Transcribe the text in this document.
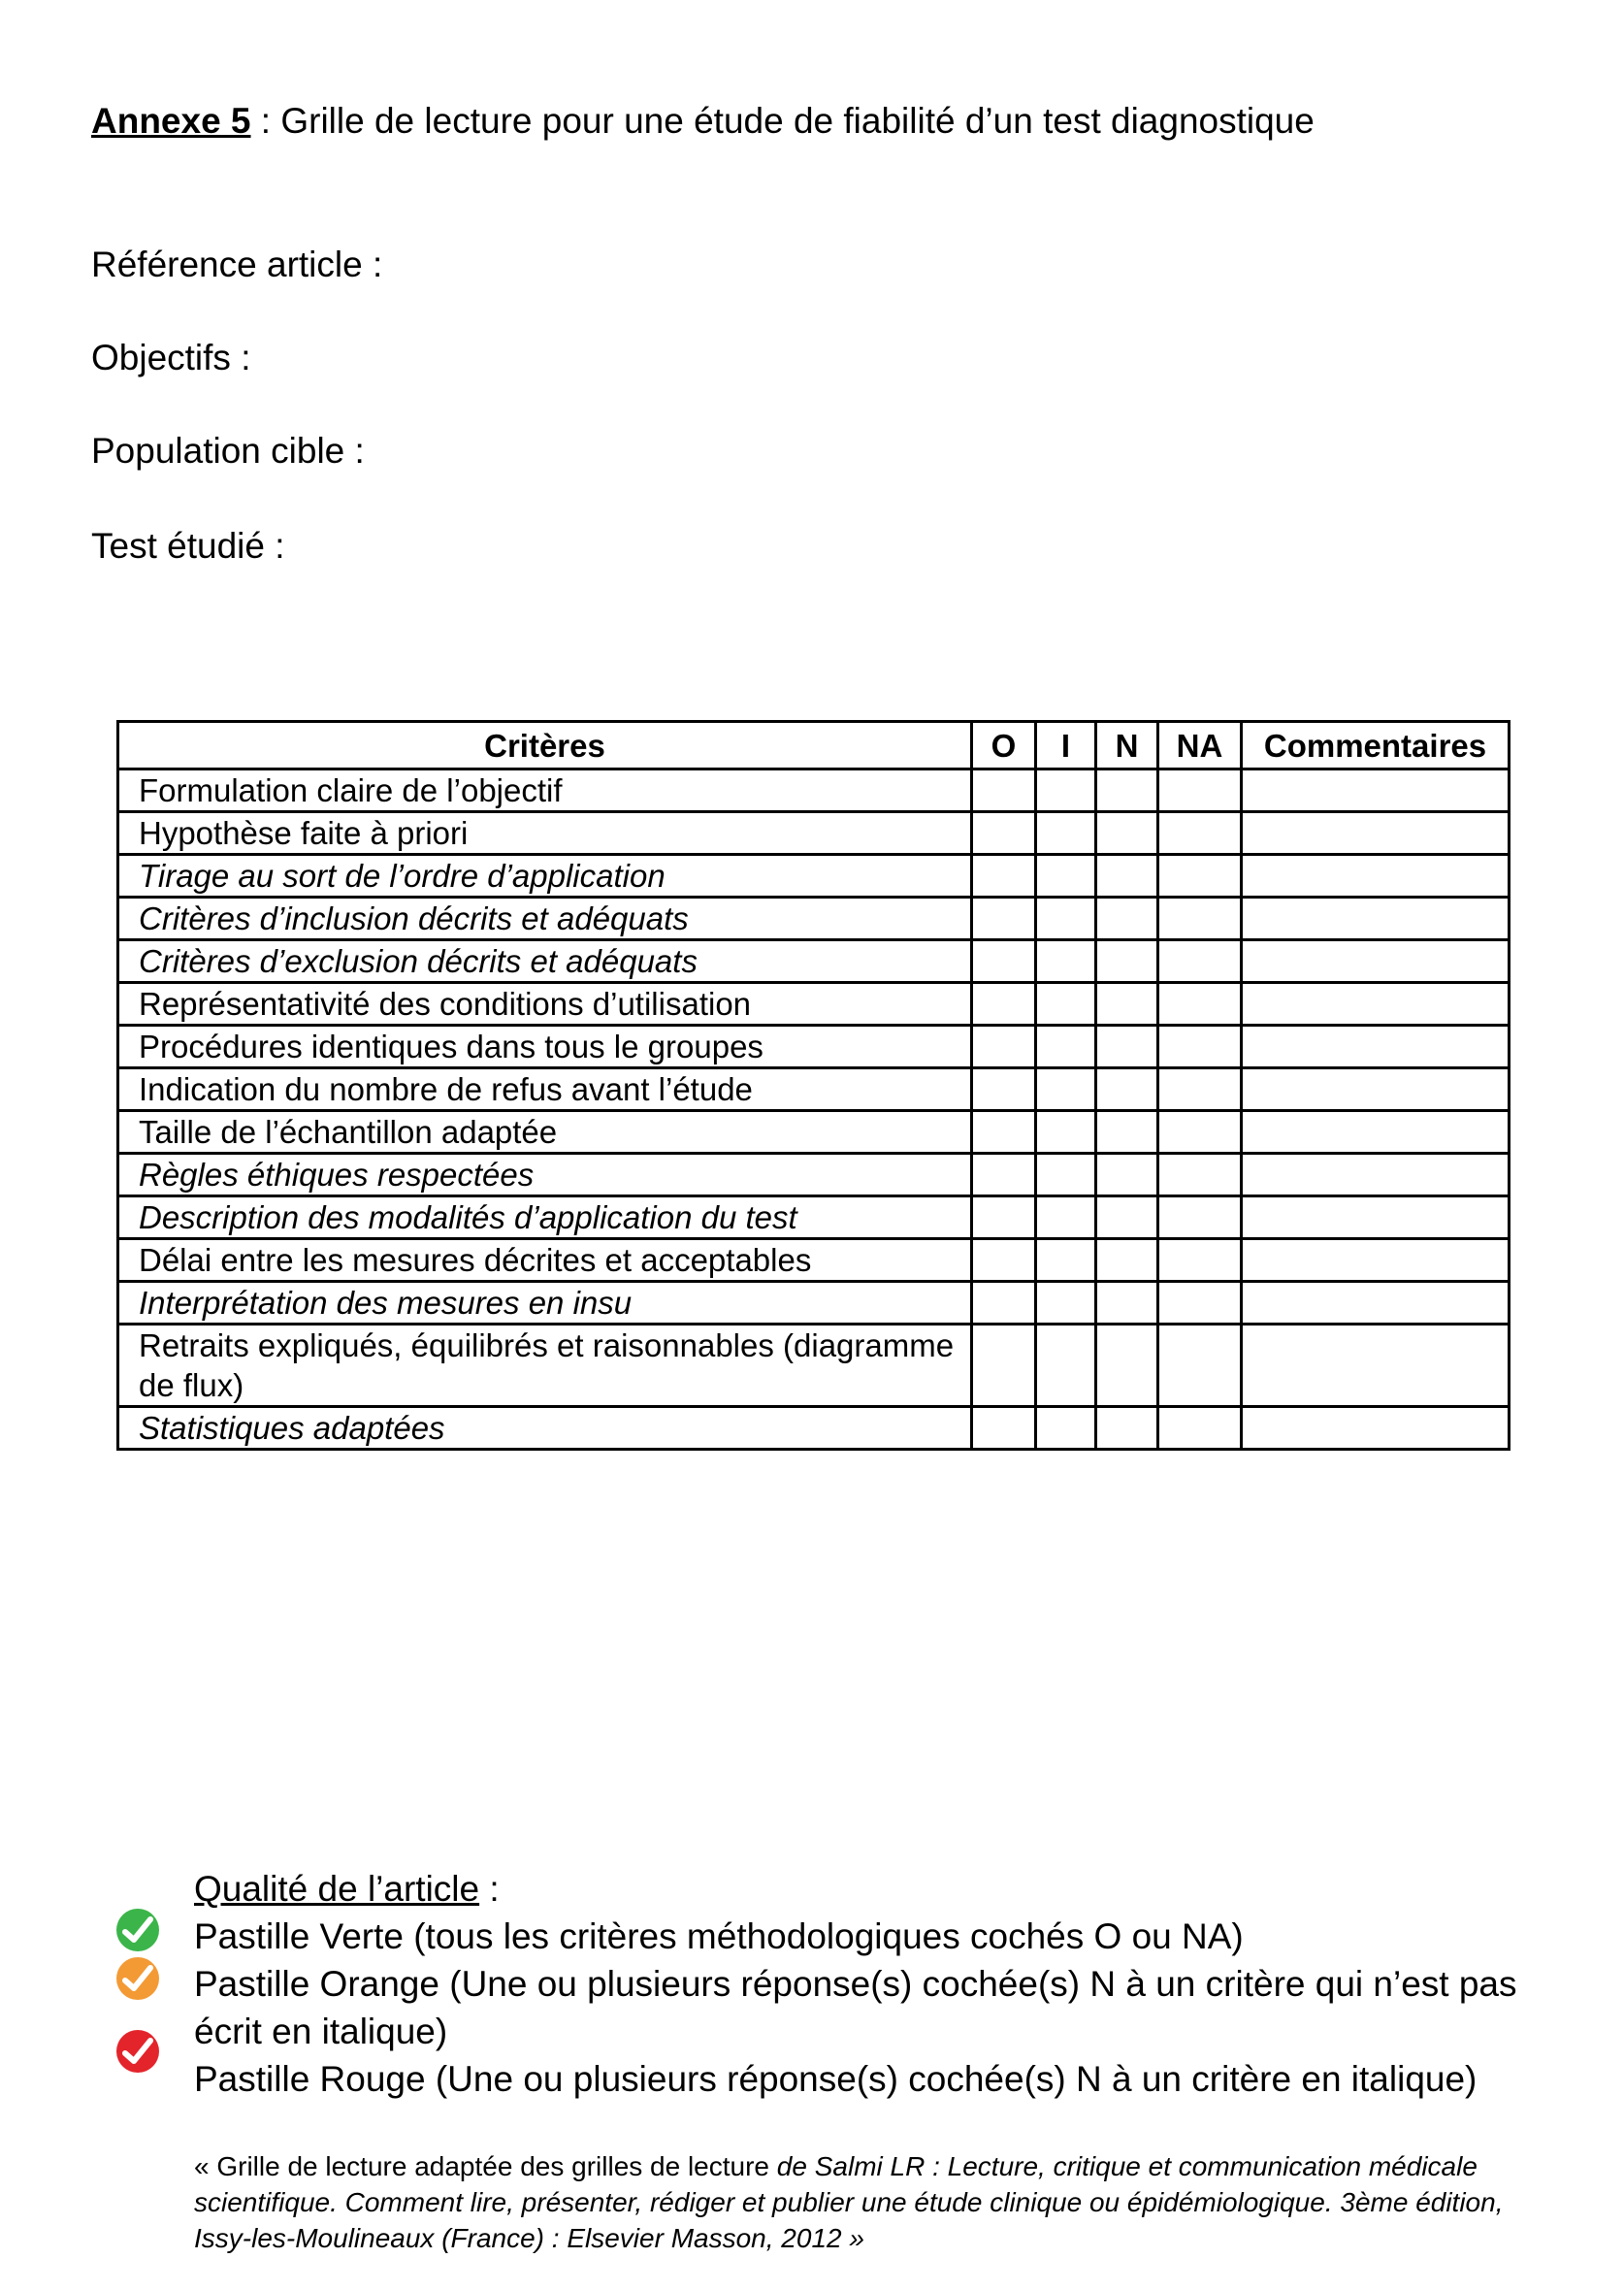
Annexe 5 : Grille de lecture pour une étude de fiabilité d’un test diagnostique
Référence article :
Objectifs :
Population cible :
Test étudié :
Critères	O	I	N	NA	Commentaires
Formulation claire de l’objectif					
Hypothèse faite à priori					
Tirage au sort de l’ordre d’application					
Critères d’inclusion décrits et adéquats					
Critères d’exclusion décrits et adéquats					
Représentativité des conditions d’utilisation					
Procédures identiques dans tous le groupes					
Indication du nombre de refus avant l’étude					
Taille de l’échantillon adaptée					
Règles éthiques respectées					
Description des modalités d’application du test					
Délai entre les mesures décrites et acceptables					
Interprétation des mesures en insu					
Retraits expliqués, équilibrés et raisonnables (diagramme de flux)					
Statistiques adaptées					
Qualité de l’article :
Pastille Verte (tous les critères méthodologiques cochés O ou NA)
Pastille Orange (Une ou plusieurs réponse(s) cochée(s) N à un critère qui n’est pas écrit en italique)
Pastille Rouge (Une ou plusieurs réponse(s) cochée(s) N à un critère en italique)
« Grille de lecture adaptée des grilles de lecture de Salmi LR : Lecture, critique et communication médicale scientifique. Comment lire, présenter, rédiger et publier une étude clinique ou épidémiologique. 3ème édition, Issy-les-Moulineaux (France) : Elsevier Masson, 2012 »
